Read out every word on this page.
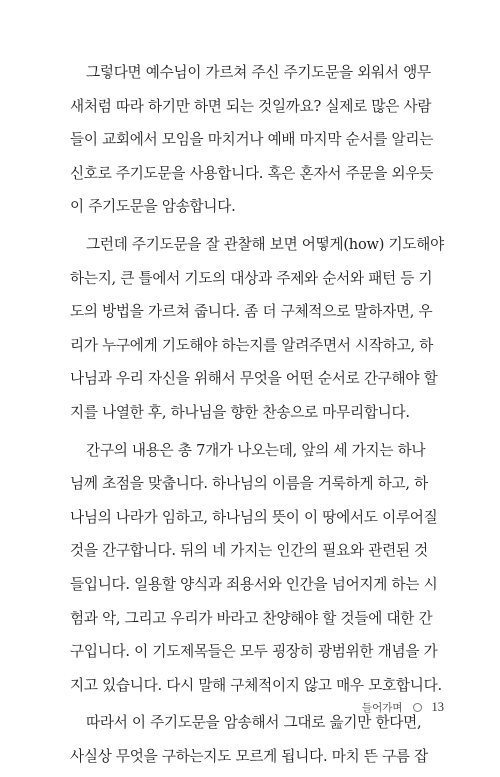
그렇다면 예수님이 가르쳐 주신 주기도문을 외워서 앵무
새처럼 따라 하기만 하면 되는 것일까요? 실제로 많은 사람
들이 교회에서 모임을 마치거나 예배 마지막 순서를 알리는
신호로 주기도문을 사용합니다. 혹은 혼자서 주문을 외우듯
이 주기도문을 암송합니다.

그런데 주기도문을 잘 관찰해 보면 어떻게(how) 기도해야
하는지, 큰 틀에서 기도의 대상과 주제와 순서와 패턴 등 기
도의 방법을 가르쳐 줍니다. 좀 더 구체적으로 말하자면, 우
리가 누구에게 기도해야 하는지를 알려주면서 시작하고, 하
나님과 우리 자신을 위해서 무엇을 어떤 순서로 간구해야 할
지를 나열한 후, 하나님을 향한 찬송으로 마무리합니다.

간구의 내용은 총 7개가 나오는데, 앞의 세 가지는 하나
님께 초점을 맞춥니다. 하나님의 이름을 거룩하게 하고, 하
나님의 나라가 임하고, 하나님의 뜻이 이 땅에서도 이루어질
것을 간구합니다. 뒤의 네 가지는 인간의 필요와 관련된 것
들입니다. 일용할 양식과 죄용서와 인간을 넘어지게 하는 시
험과 악, 그리고 우리가 바라고 찬양해야 할 것들에 대한 간
구입니다. 이 기도제목들은 모두 굉장히 광범위한 개념을 가
지고 있습니다. 다시 말해 구체적이지 않고 매우 모호합니다.

따라서 이 주기도문을 암송해서 그대로 읊기만 한다면,
사실상 무엇을 구하는지도 모르게 됩니다. 마치 뜬 구름 잡

들어가며 13
